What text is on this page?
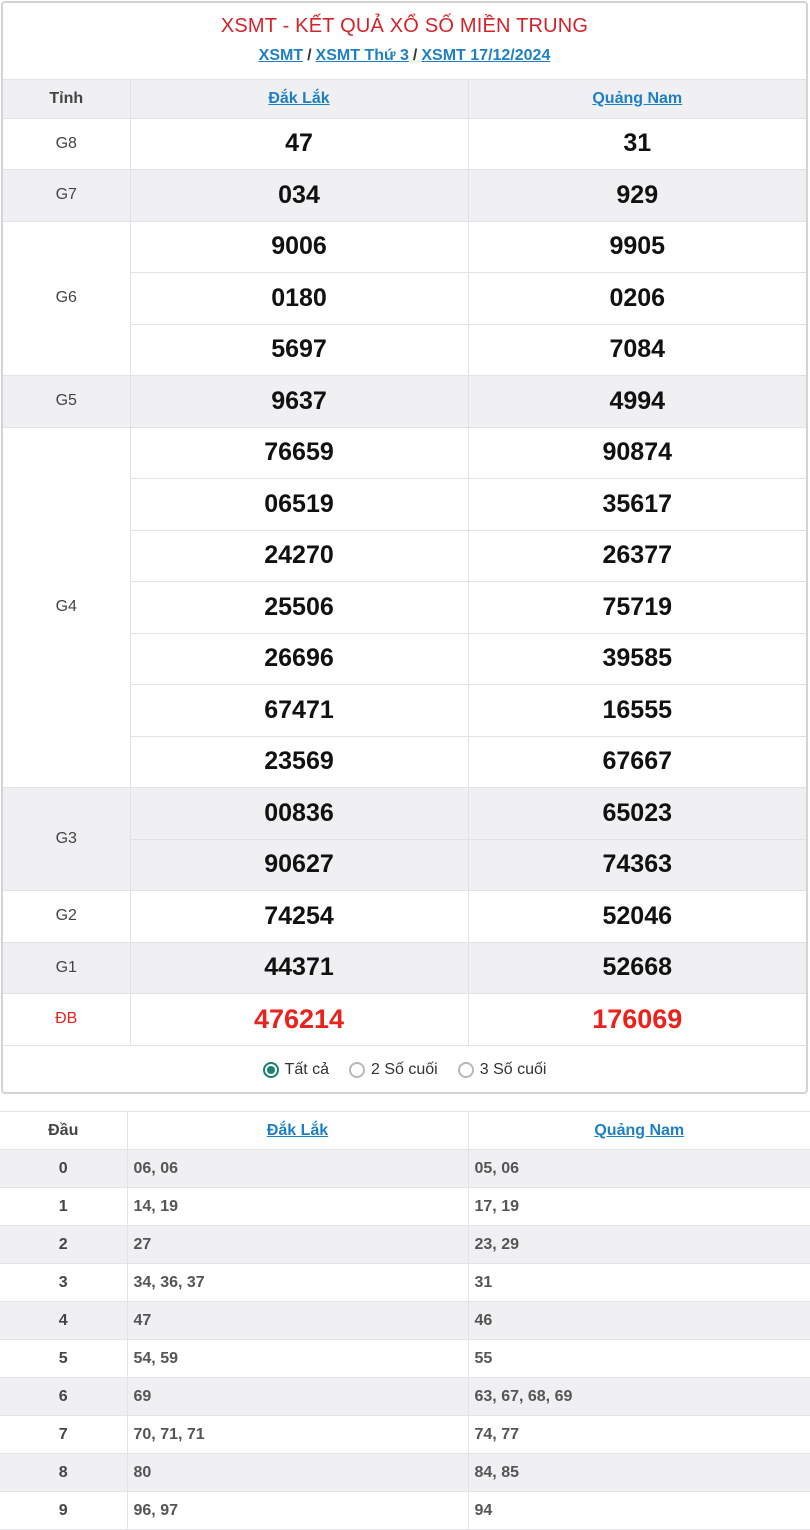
XSMT - KẾT QUẢ XỔ SỐ MIỀN TRUNG
XSMT / XSMT Thứ 3 / XSMT 17/12/2024
Tỉnh	Đắk Lắk	Quảng Nam
G8	47	31
G7	034	929
G6	9006	9905
	0180	0206
	5697	7084
G5	9637	4994
G4	76659	90874
	06519	35617
	24270	26377
	25506	75719
	26696	39585
	67471	16555
	23569	67667
G3	00836	65023
	90627	74363
G2	74254	52046
G1	44371	52668
ĐB	476214	176069
Tất cả	2 Số cuối	3 Số cuối
Đầu	Đắk Lắk	Quảng Nam
0	06, 06	05, 06
1	14, 19	17, 19
2	27	23, 29
3	34, 36, 37	31
4	47	46
5	54, 59	55
6	69	63, 67, 68, 69
7	70, 71, 71	74, 77
8	80	84, 85
9	96, 97	94
